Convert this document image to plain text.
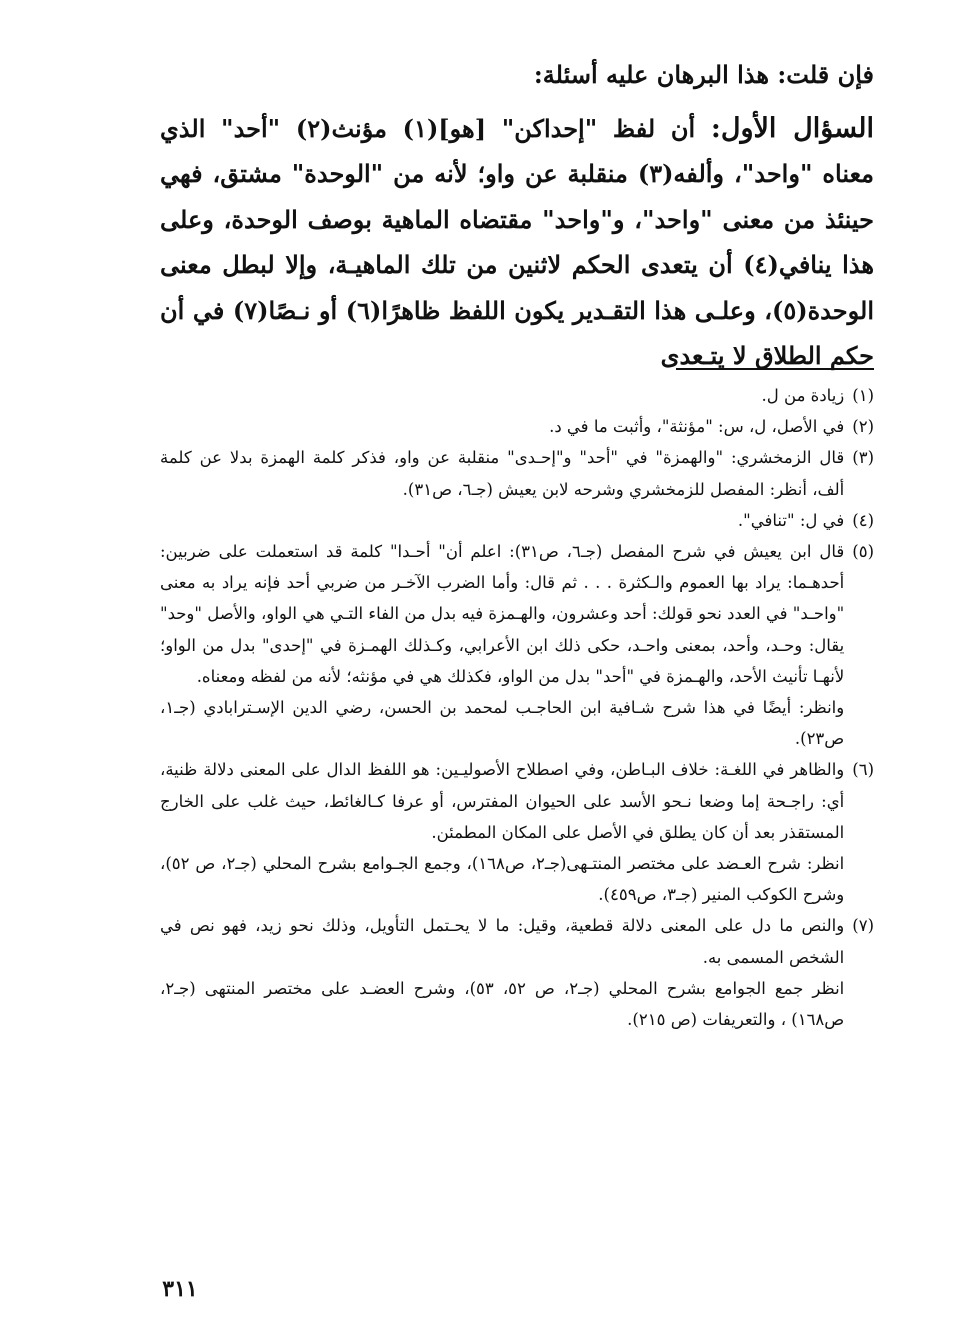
فإن قلت: هذا البرهان عليه أسئلة:

السؤال الأول: أن لفظ "إحداكن" [هو](١) مؤنث(٢) "أحد" الذي معناه "واحد"، وألفه(٣) منقلبة عن واو؛ لأنه من "الوحدة" مشتق، فهي حينئذ من معنى "واحد"، و"واحد" مقتضاه الماهية بوصف الوحدة، وعلى هذا ينافي(٤) أن يتعدى الحكم لاثنين من تلك الماهيـة، وإلا لبطل معنى الوحدة(٥)، وعلـى هذا التقـدير يكون اللفظ ظاهرًا(٦) أو نـصًا(٧) في أن حكم الطلاق لا يتـعدى

(١)

زيادة من ل.

(٢)

في الأصل، ل، س: "مؤنثة"، وأثبت ما في د.

(٣)

قال الزمخشري: "والهمزة" في "أحد" و"إحـدى" منقلبة عن واو، فذكر كلمة الهمزة بدلا عن كلمة ألف، أنظر: المفصل للزمخشري وشرحه لابن يعيش (جـ٦، ص٣١).

(٤)

في ل: "تنافي".

(٥)

قال ابن يعيش في شرح المفصل (جـ٦، ص٣١): اعلم أن" أحـدا" كلمة قد استعملت على ضربين: أحدهـما: يراد بها العموم والـكثرة . . . ثم قال: وأما الضرب الآخـر من ضربي أحد فإنه يراد به معنى "واحـد" في العدد نحو قولك: أحد وعشرون، والهـمزة فيه بدل من الفاء التـي هي الواو، والأصل "وحد" يقال: وحـد، وأحد، بمعنى واحـد، حكى ذلك ابن الأعرابي، وكـذلك الهمـزة في "إحدى" بدل من الواو؛ لأنهـا تأنيث الأحد، والهـمزة في "أحد" بدل من الواو، فكذلك هي في مؤنثه؛ لأنه من لفظه ومعناه.

وانظر: أيضًا في هذا شرح شـافية ابن الحاجـب لمحمد بن الحسن، رضي الدين الإسـترابادي (جـ١، ص٢٣).

(٦)

والظاهر في اللغـة: خلاف البـاطن، وفي اصطلاح الأصوليـين: هو اللفظ الدال على المعنى دلالة ظنية، أي: راجـحة إما وضعا نـحو الأسد على الحيوان المفترس، أو عرفا كـالغائط، حيث غلب على الخارج المستقذر بعد أن كان يطلق في الأصل على المكان المطمئن.

انظر: شرح العـضد على مختصر المنتـهى(جـ٢، ص١٦٨)، وجمع الجـوامع بشرح المحلي (جـ٢، ص ٥٢)، وشرح الكوكب المنير (جـ٣، ص٤٥٩).

(٧)

والنص ما دل على المعنى دلالة قطعية، وقيل: ما لا يحـتمل التأويل، وذلك نحو زيد، فهو نص في الشخص المسمى به.

انظر جمع الجوامع بشرح المحلي (جـ٢، ص ٥٢، ٥٣)، وشرح العضـد على مختصر المنتهى (جـ٢، ص١٦٨) ، والتعريفات (ص ٢١٥).

٣١١
